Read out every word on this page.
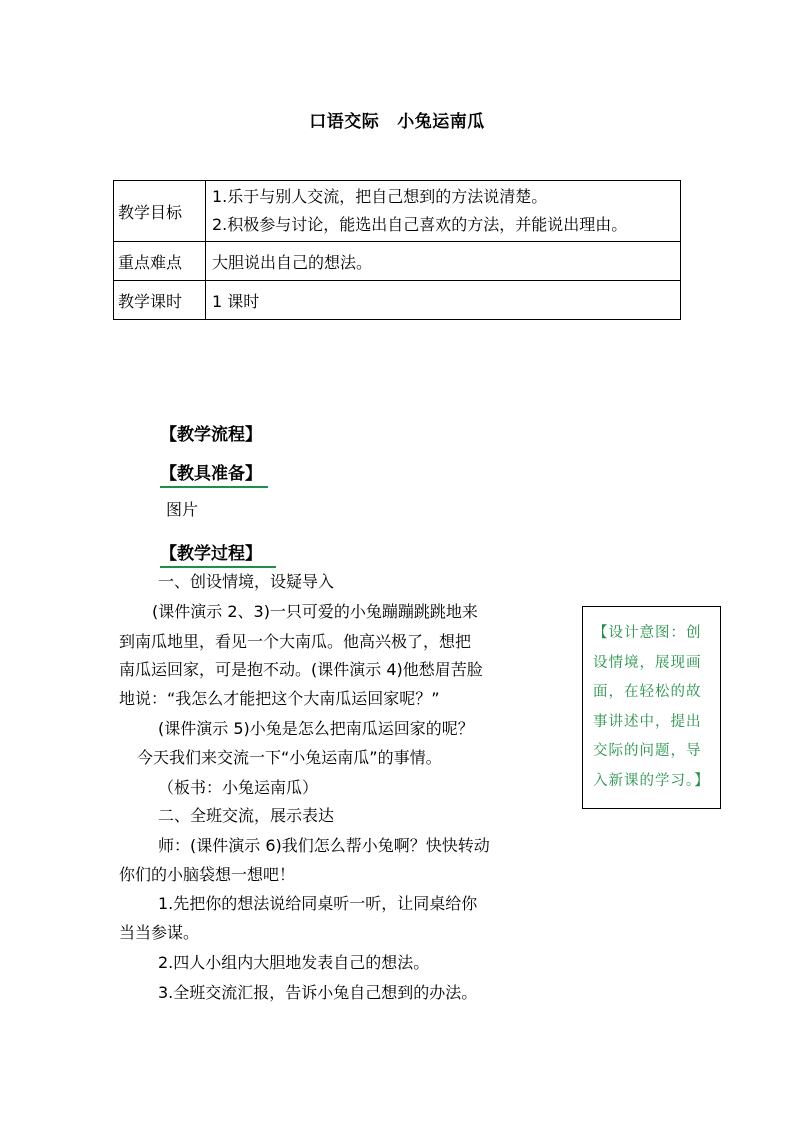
口语交际 小兔运南瓜
教学目标	1.乐于与别人交流，把自己想到的方法说清楚。
2.积极参与讨论，能选出自己喜欢的方法，并能说出理由。

重点难点	大胆说出自己的想法。
教学课时	1 课时
【教学流程】
【教具准备】
图片
【教学过程】
一、创设情境，设疑导入
(课件演示 2、3)一只可爱的小兔蹦蹦跳跳地来
到南瓜地里，看见一个大南瓜。他高兴极了，想把
南瓜运回家，可是抱不动。(课件演示 4)他愁眉苦脸
地说：“我怎么才能把这个大南瓜运回家呢？”
(课件演示 5)小兔是怎么把南瓜运回家的呢？
今天我们来交流一下“小兔运南瓜”的事情。
（板书：小兔运南瓜）
二、全班交流，展示表达
师：(课件演示 6)我们怎么帮小兔啊？快快转动
你们的小脑袋想一想吧！
1.先把你的想法说给同桌听一听，让同桌给你
当当参谋。
2.四人小组内大胆地发表自己的想法。
3.全班交流汇报，告诉小兔自己想到的办法。
【设计意图：创
设情境，展现画
面，在轻松的故
事讲述中，提出
交际的问题，导
入新课的学习。】
